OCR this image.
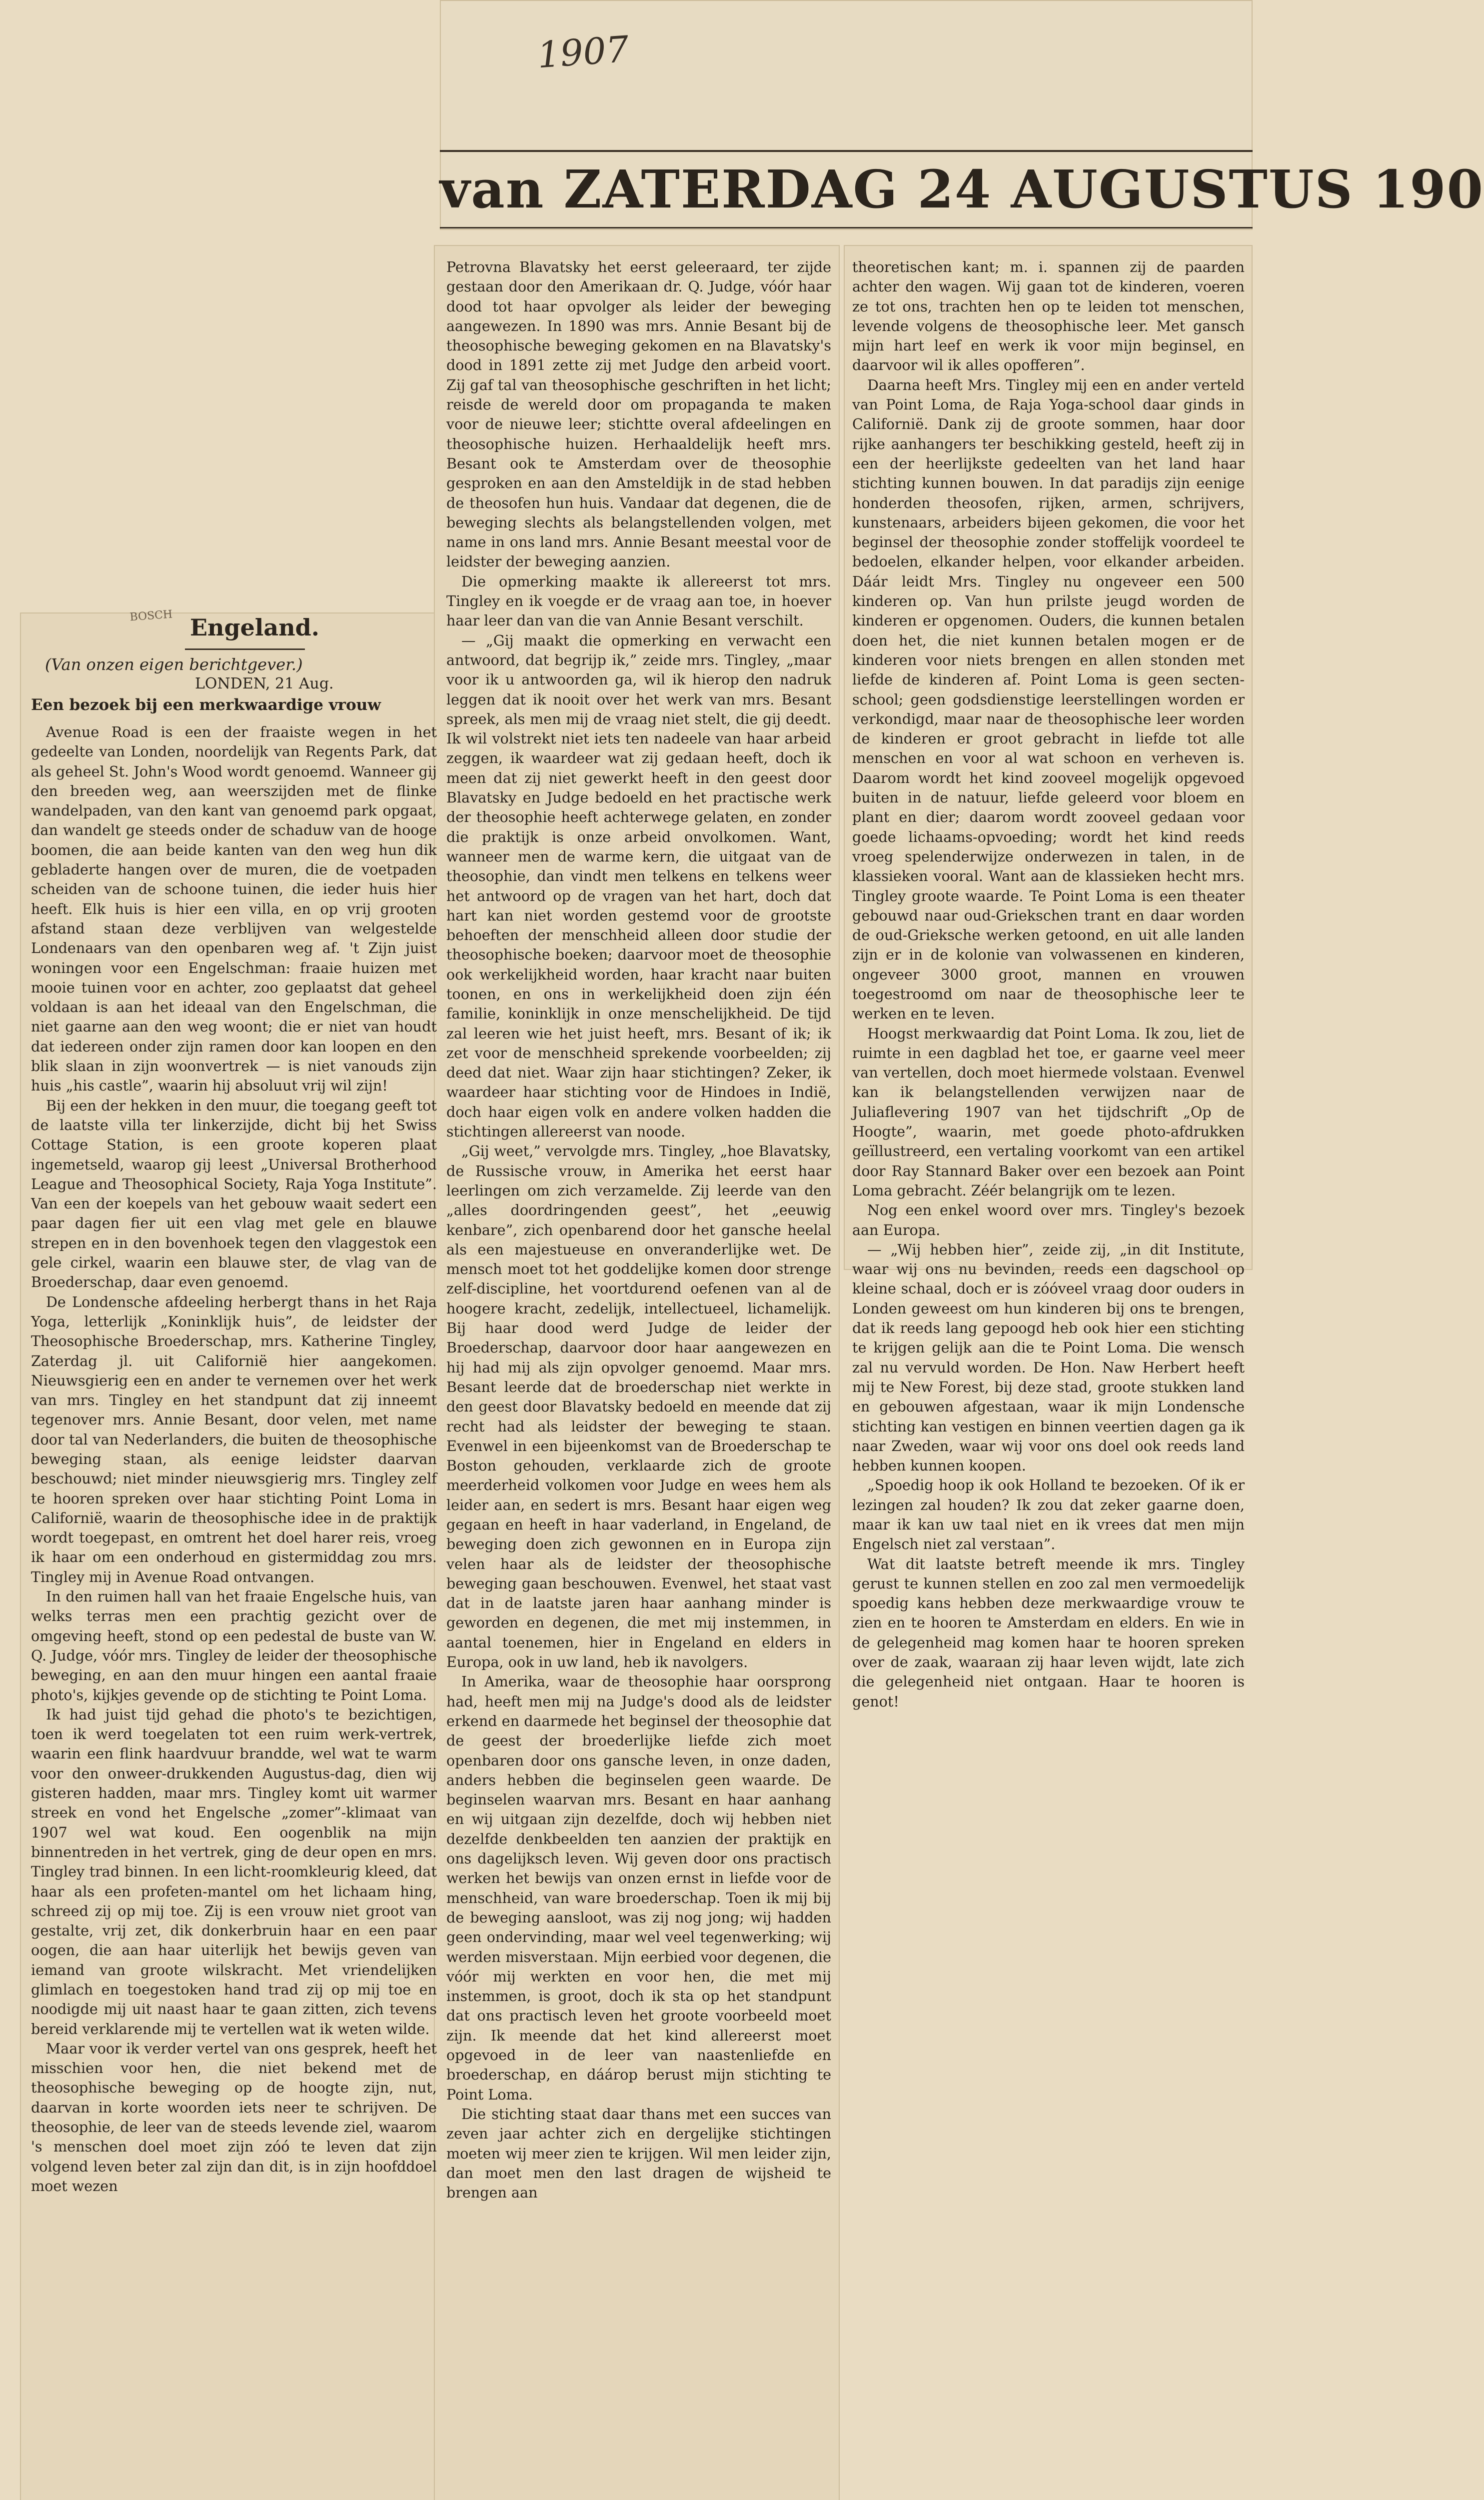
1907
van ZATERDAG 24 AUGUSTUS 190
BOSCH Engeland.
(Van onzen eigen berichtgever.)
LONDEN, 21 Aug.
Een bezoek bij een merkwaardige vrouw

Avenue Road is een der fraaiste wegen in het gedeelte van Londen, noordelijk van Regents Park, dat als geheel St. John's Wood wordt genoemd. Wanneer gij den breeden weg, aan weerszijden met de flinke wandelpaden, van den kant van genoemd park opgaat, dan wandelt ge steeds onder de schaduw van de hooge boomen, die aan beide kanten van den weg hun dik gebladerte hangen over de muren, die de voetpaden scheiden van de schoone tuinen, die ieder huis hier heeft. Elk huis is hier een villa, en op vrij grooten afstand staan deze verblijven van welgestelde Londenaars van den openbaren weg af. 't Zijn juist woningen voor een Engelschman: fraaie huizen met mooie tuinen voor en achter, zoo geplaatst dat geheel voldaan is aan het ideaal van den Engelschman, die niet gaarne aan den weg woont; die er niet van houdt dat iedereen onder zijn ramen door kan loopen en den blik slaan in zijn woonvertrek — is niet vanouds zijn huis „his castle”, waarin hij absoluut vrij wil zijn!

Bij een der hekken in den muur, die toegang geeft tot de laatste villa ter linkerzijde, dicht bij het Swiss Cottage Station, is een groote koperen plaat ingemetseld, waarop gij leest „Universal Brotherhood League and Theosophical Society, Raja Yoga Institute”. Van een der koepels van het gebouw waait sedert een paar dagen fier uit een vlag met gele en blauwe strepen en in den bovenhoek tegen den vlaggestok een gele cirkel, waarin een blauwe ster, de vlag van de Broederschap, daar even genoemd.

De Londensche afdeeling herbergt thans in het Raja Yoga, letterlijk „Koninklijk huis”, de leidster der Theosophische Broederschap, mrs. Katherine Tingley, Zaterdag jl. uit Californië hier aangekomen. Nieuwsgierig een en ander te vernemen over het werk van mrs. Tingley en het standpunt dat zij inneemt tegenover mrs. Annie Besant, door velen, met name door tal van Nederlanders, die buiten de theosophische beweging staan, als eenige leidster daarvan beschouwd; niet minder nieuwsgierig mrs. Tingley zelf te hooren spreken over haar stichting Point Loma in Californië, waarin de theosophische idee in de praktijk wordt toegepast, en omtrent het doel harer reis, vroeg ik haar om een onderhoud en gistermiddag zou mrs. Tingley mij in Avenue Road ontvangen.

In den ruimen hall van het fraaie Engelsche huis, van welks terras men een prachtig gezicht over de omgeving heeft, stond op een pedestal de buste van W. Q. Judge, vóór mrs. Tingley de leider der theosophische beweging, en aan den muur hingen een aantal fraaie photo's, kijkjes gevende op de stichting te Point Loma.

Ik had juist tijd gehad die photo's te bezichtigen, toen ik werd toegelaten tot een ruim werk-vertrek, waarin een flink haardvuur brandde, wel wat te warm voor den onweer-drukkenden Augustus-dag, dien wij gisteren hadden, maar mrs. Tingley komt uit warmer streek en vond het Engelsche „zomer”-klimaat van 1907 wel wat koud. Een oogenblik na mijn binnentreden in het vertrek, ging de deur open en mrs. Tingley trad binnen. In een licht-roomkleurig kleed, dat haar als een profeten-mantel om het lichaam hing, schreed zij op mij toe. Zij is een vrouw niet groot van gestalte, vrij zet, dik donkerbruin haar en een paar oogen, die aan haar uiterlijk het bewijs geven van iemand van groote wilskracht. Met vriendelijken glimlach en toegestoken hand trad zij op mij toe en noodigde mij uit naast haar te gaan zitten, zich tevens bereid verklarende mij te vertellen wat ik weten wilde.

Maar voor ik verder vertel van ons gesprek, heeft het misschien voor hen, die niet bekend met de theosophische beweging op de hoogte zijn, nut, daarvan in korte woorden iets neer te schrijven. De theosophie, de leer van de steeds levende ziel, waarom 's menschen doel moet zijn zóó te leven dat zijn volgend leven beter zal zijn dan dit, is in zijn hoofddoel moet wezen

Petrovna Blavatsky het eerst geleeraard, ter zijde gestaan door den Amerikaan dr. Q. Judge, vóór haar dood tot haar opvolger als leider der beweging aangewezen. In 1890 was mrs. Annie Besant bij de theosophische beweging gekomen en na Blavatsky's dood in 1891 zette zij met Judge den arbeid voort. Zij gaf tal van theosophische geschriften in het licht; reisde de wereld door om propaganda te maken voor de nieuwe leer; stichtte overal afdeelingen en theosophische huizen. Herhaaldelijk heeft mrs. Besant ook te Amsterdam over de theosophie gesproken en aan den Amsteldijk in de stad hebben de theosofen hun huis. Vandaar dat degenen, die de beweging slechts als belangstellenden volgen, met name in ons land mrs. Annie Besant meestal voor de leidster der beweging aanzien.

Die opmerking maakte ik allereerst tot mrs. Tingley en ik voegde er de vraag aan toe, in hoever haar leer dan van die van Annie Besant verschilt.

— „Gij maakt die opmerking en verwacht een antwoord, dat begrijp ik,” zeide mrs. Tingley, „maar voor ik u antwoorden ga, wil ik hierop den nadruk leggen dat ik nooit over het werk van mrs. Besant spreek, als men mij de vraag niet stelt, die gij deedt. Ik wil volstrekt niet iets ten nadeele van haar arbeid zeggen, ik waardeer wat zij gedaan heeft, doch ik meen dat zij niet gewerkt heeft in den geest door Blavatsky en Judge bedoeld en het practische werk der theosophie heeft achterwege gelaten, en zonder die praktijk is onze arbeid onvolkomen. Want, wanneer men de warme kern, die uitgaat van de theosophie, dan vindt men telkens en telkens weer het antwoord op de vragen van het hart, doch dat hart kan niet worden gestemd voor de grootste behoeften der menschheid alleen door studie der theosophische boeken; daarvoor moet de theosophie ook werkelijkheid worden, haar kracht naar buiten toonen, en ons in werkelijkheid doen zijn één familie, koninklijk in onze menschelijkheid. De tijd zal leeren wie het juist heeft, mrs. Besant of ik; ik zet voor de menschheid sprekende voorbeelden; zij deed dat niet. Waar zijn haar stichtingen? Zeker, ik waardeer haar stichting voor de Hindoes in Indië, doch haar eigen volk en andere volken hadden die stichtingen allereerst van noode.

„Gij weet,” vervolgde mrs. Tingley, „hoe Blavatsky, de Russische vrouw, in Amerika het eerst haar leerlingen om zich verzamelde. Zij leerde van den „alles doordringenden geest”, het „eeuwig kenbare”, zich openbarend door het gansche heelal als een majestueuse en onveranderlijke wet. De mensch moet tot het goddelijke komen door strenge zelf-discipline, het voortdurend oefenen van al de hoogere kracht, zedelijk, intellectueel, lichamelijk. Bij haar dood werd Judge de leider der Broederschap, daarvoor door haar aangewezen en hij had mij als zijn opvolger genoemd. Maar mrs. Besant leerde dat de broederschap niet werkte in den geest door Blavatsky bedoeld en meende dat zij recht had als leidster der beweging te staan. Evenwel in een bijeenkomst van de Broederschap te Boston gehouden, verklaarde zich de groote meerderheid volkomen voor Judge en wees hem als leider aan, en sedert is mrs. Besant haar eigen weg gegaan en heeft in haar vaderland, in Engeland, de beweging doen zich gewonnen en in Europa zijn velen haar als de leidster der theosophische beweging gaan beschouwen. Evenwel, het staat vast dat in de laatste jaren haar aanhang minder is geworden en degenen, die met mij instemmen, in aantal toenemen, hier in Engeland en elders in Europa, ook in uw land, heb ik navolgers.

In Amerika, waar de theosophie haar oorsprong had, heeft men mij na Judge's dood als de leidster erkend en daarmede het beginsel der theosophie dat de geest der broederlijke liefde zich moet openbaren door ons gansche leven, in onze daden, anders hebben die beginselen geen waarde. De beginselen waarvan mrs. Besant en haar aanhang en wij uitgaan zijn dezelfde, doch wij hebben niet dezelfde denkbeelden ten aanzien der praktijk en ons dagelijksch leven. Wij geven door ons practisch werken het bewijs van onzen ernst in liefde voor de menschheid, van ware broederschap. Toen ik mij bij de beweging aansloot, was zij nog jong; wij hadden geen ondervinding, maar wel veel tegenwerking; wij werden misverstaan. Mijn eerbied voor degenen, die vóór mij werkten en voor hen, die met mij instemmen, is groot, doch ik sta op het standpunt dat ons practisch leven het groote voorbeeld moet zijn. Ik meende dat het kind allereerst moet opgevoed in de leer van naastenliefde en broederschap, en dáárop berust mijn stichting te Point Loma.

Die stichting staat daar thans met een succes van zeven jaar achter zich en dergelijke stichtingen moeten wij meer zien te krijgen. Wil men leider zijn, dan moet men den last dragen de wijsheid te brengen aan

theoretischen kant; m. i. spannen zij de paarden achter den wagen. Wij gaan tot de kinderen, voeren ze tot ons, trachten hen op te leiden tot menschen, levende volgens de theosophische leer. Met gansch mijn hart leef en werk ik voor mijn beginsel, en daarvoor wil ik alles opofferen”.

Daarna heeft Mrs. Tingley mij een en ander verteld van Point Loma, de Raja Yoga-school daar ginds in Californië. Dank zij de groote sommen, haar door rijke aanhangers ter beschikking gesteld, heeft zij in een der heerlijkste gedeelten van het land haar stichting kunnen bouwen. In dat paradijs zijn eenige honderden theosofen, rijken, armen, schrijvers, kunstenaars, arbeiders bijeen gekomen, die voor het beginsel der theosophie zonder stoffelijk voordeel te bedoelen, elkander helpen, voor elkander arbeiden. Dáár leidt Mrs. Tingley nu ongeveer een 500 kinderen op. Van hun prilste jeugd worden de kinderen er opgenomen. Ouders, die kunnen betalen doen het, die niet kunnen betalen mogen er de kinderen voor niets brengen en allen stonden met liefde de kinderen af. Point Loma is geen secten-school; geen godsdienstige leerstellingen worden er verkondigd, maar naar de theosophische leer worden de kinderen er groot gebracht in liefde tot alle menschen en voor al wat schoon en verheven is. Daarom wordt het kind zooveel mogelijk opgevoed buiten in de natuur, liefde geleerd voor bloem en plant en dier; daarom wordt zooveel gedaan voor goede lichaams-opvoeding; wordt het kind reeds vroeg spelenderwijze onderwezen in talen, in de klassieken vooral. Want aan de klassieken hecht mrs. Tingley groote waarde. Te Point Loma is een theater gebouwd naar oud-Griekschen trant en daar worden de oud-Grieksche werken getoond, en uit alle landen zijn er in de kolonie van volwassenen en kinderen, ongeveer 3000 groot, mannen en vrouwen toegestroomd om naar de theosophische leer te werken en te leven.

Hoogst merkwaardig dat Point Loma. Ik zou, liet de ruimte in een dagblad het toe, er gaarne veel meer van vertellen, doch moet hiermede volstaan. Evenwel kan ik belangstellenden verwijzen naar de Juliaflevering 1907 van het tijdschrift „Op de Hoogte”, waarin, met goede photo-afdrukken geïllustreerd, een vertaling voorkomt van een artikel door Ray Stannard Baker over een bezoek aan Point Loma gebracht. Zéér belangrijk om te lezen.

Nog een enkel woord over mrs. Tingley's bezoek aan Europa.

— „Wij hebben hier”, zeide zij, „in dit Institute, waar wij ons nu bevinden, reeds een dagschool op kleine schaal, doch er is zóóveel vraag door ouders in Londen geweest om hun kinderen bij ons te brengen, dat ik reeds lang gepoogd heb ook hier een stichting te krijgen gelijk aan die te Point Loma. Die wensch zal nu vervuld worden. De Hon. Naw Herbert heeft mij te New Forest, bij deze stad, groote stukken land en gebouwen afgestaan, waar ik mijn Londensche stichting kan vestigen en binnen veertien dagen ga ik naar Zweden, waar wij voor ons doel ook reeds land hebben kunnen koopen.

„Spoedig hoop ik ook Holland te bezoeken. Of ik er lezingen zal houden? Ik zou dat zeker gaarne doen, maar ik kan uw taal niet en ik vrees dat men mijn Engelsch niet zal verstaan”.

Wat dit laatste betreft meende ik mrs. Tingley gerust te kunnen stellen en zoo zal men vermoedelijk spoedig kans hebben deze merkwaardige vrouw te zien en te hooren te Amsterdam en elders. En wie in de gelegenheid mag komen haar te hooren spreken over de zaak, waaraan zij haar leven wijdt, late zich die gelegenheid niet ontgaan. Haar te hooren is genot!
